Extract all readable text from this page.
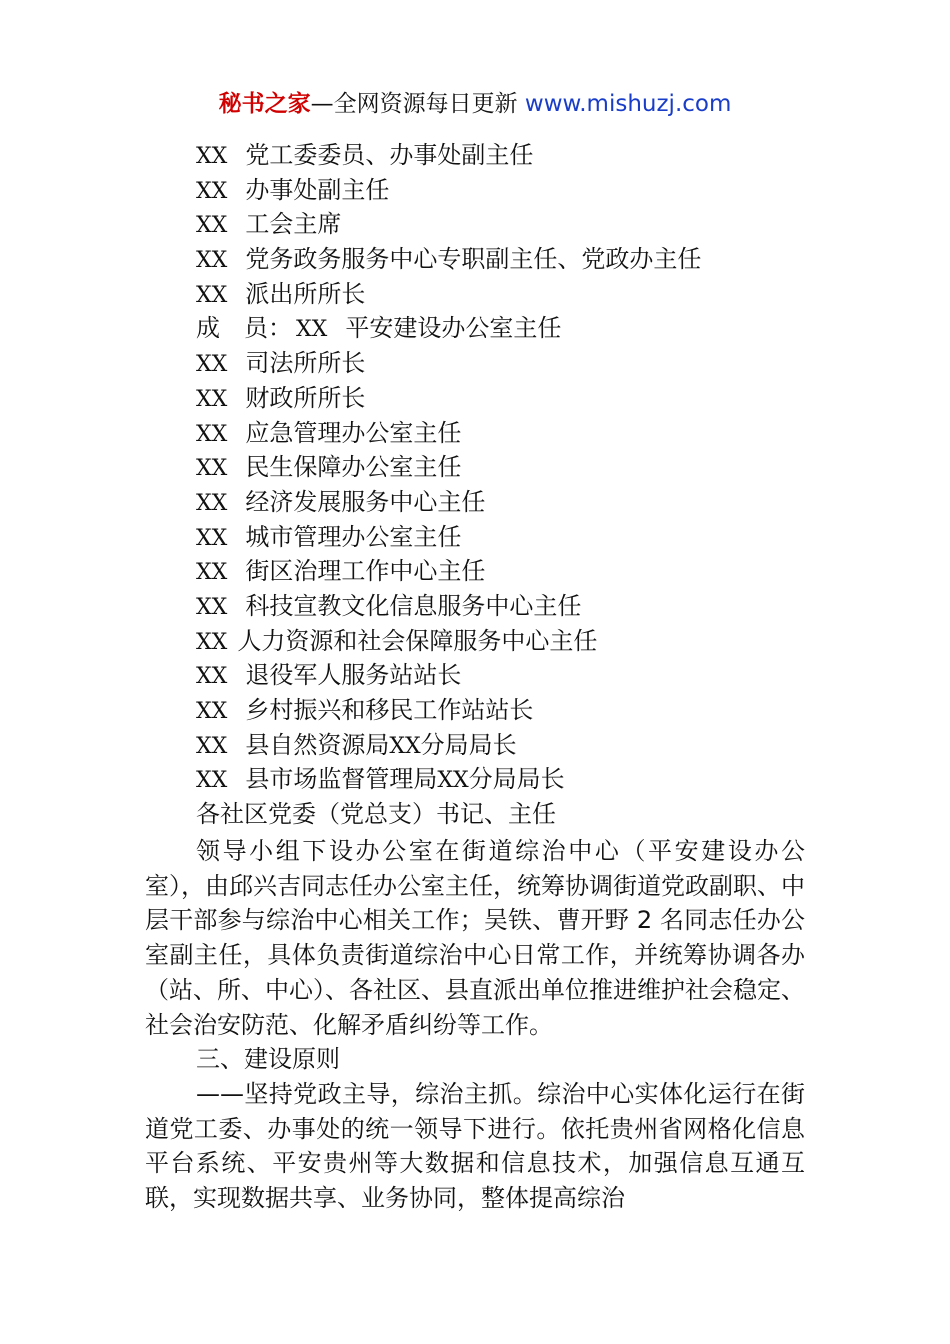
秘书之家—全网资源每日更新 www.mishuzj.com
XX 党工委委员、办事处副主任
XX 办事处副主任
XX 工会主席
XX 党务政务服务中心专职副主任、党政办主任
XX 派出所所长
成　员： XX 平安建设办公室主任
XX 司法所所长
XX 财政所所长
XX 应急管理办公室主任
XX 民生保障办公室主任
XX 经济发展服务中心主任
XX 城市管理办公室主任
XX 街区治理工作中心主任
XX 科技宣教文化信息服务中心主任
XX 人力资源和社会保障服务中心主任
XX 退役军人服务站站长
XX 乡村振兴和移民工作站站长
XX 县自然资源局XX分局局长
XX 县市场监督管理局XX分局局长
各社区党委（党总支）书记、主任

领导小组下设办公室在街道综治中心（平安建设办公室），由邱兴吉同志任办公室主任，统筹协调街道党政副职、中层干部参与综治中心相关工作；吴铁、曹开野 2 名同志任办公室副主任，具体负责街道综治中心日常工作，并统筹协调各办（站、所、中心）、各社区、县直派出单位推进维护社会稳定、社会治安防范、化解矛盾纠纷等工作。

三、建设原则

——坚持党政主导，综治主抓。综治中心实体化运行在街道党工委、办事处的统一领导下进行。依托贵州省网格化信息平台系统、平安贵州等大数据和信息技术，加强信息互通互联，实现数据共享、业务协同，整体提高综治
